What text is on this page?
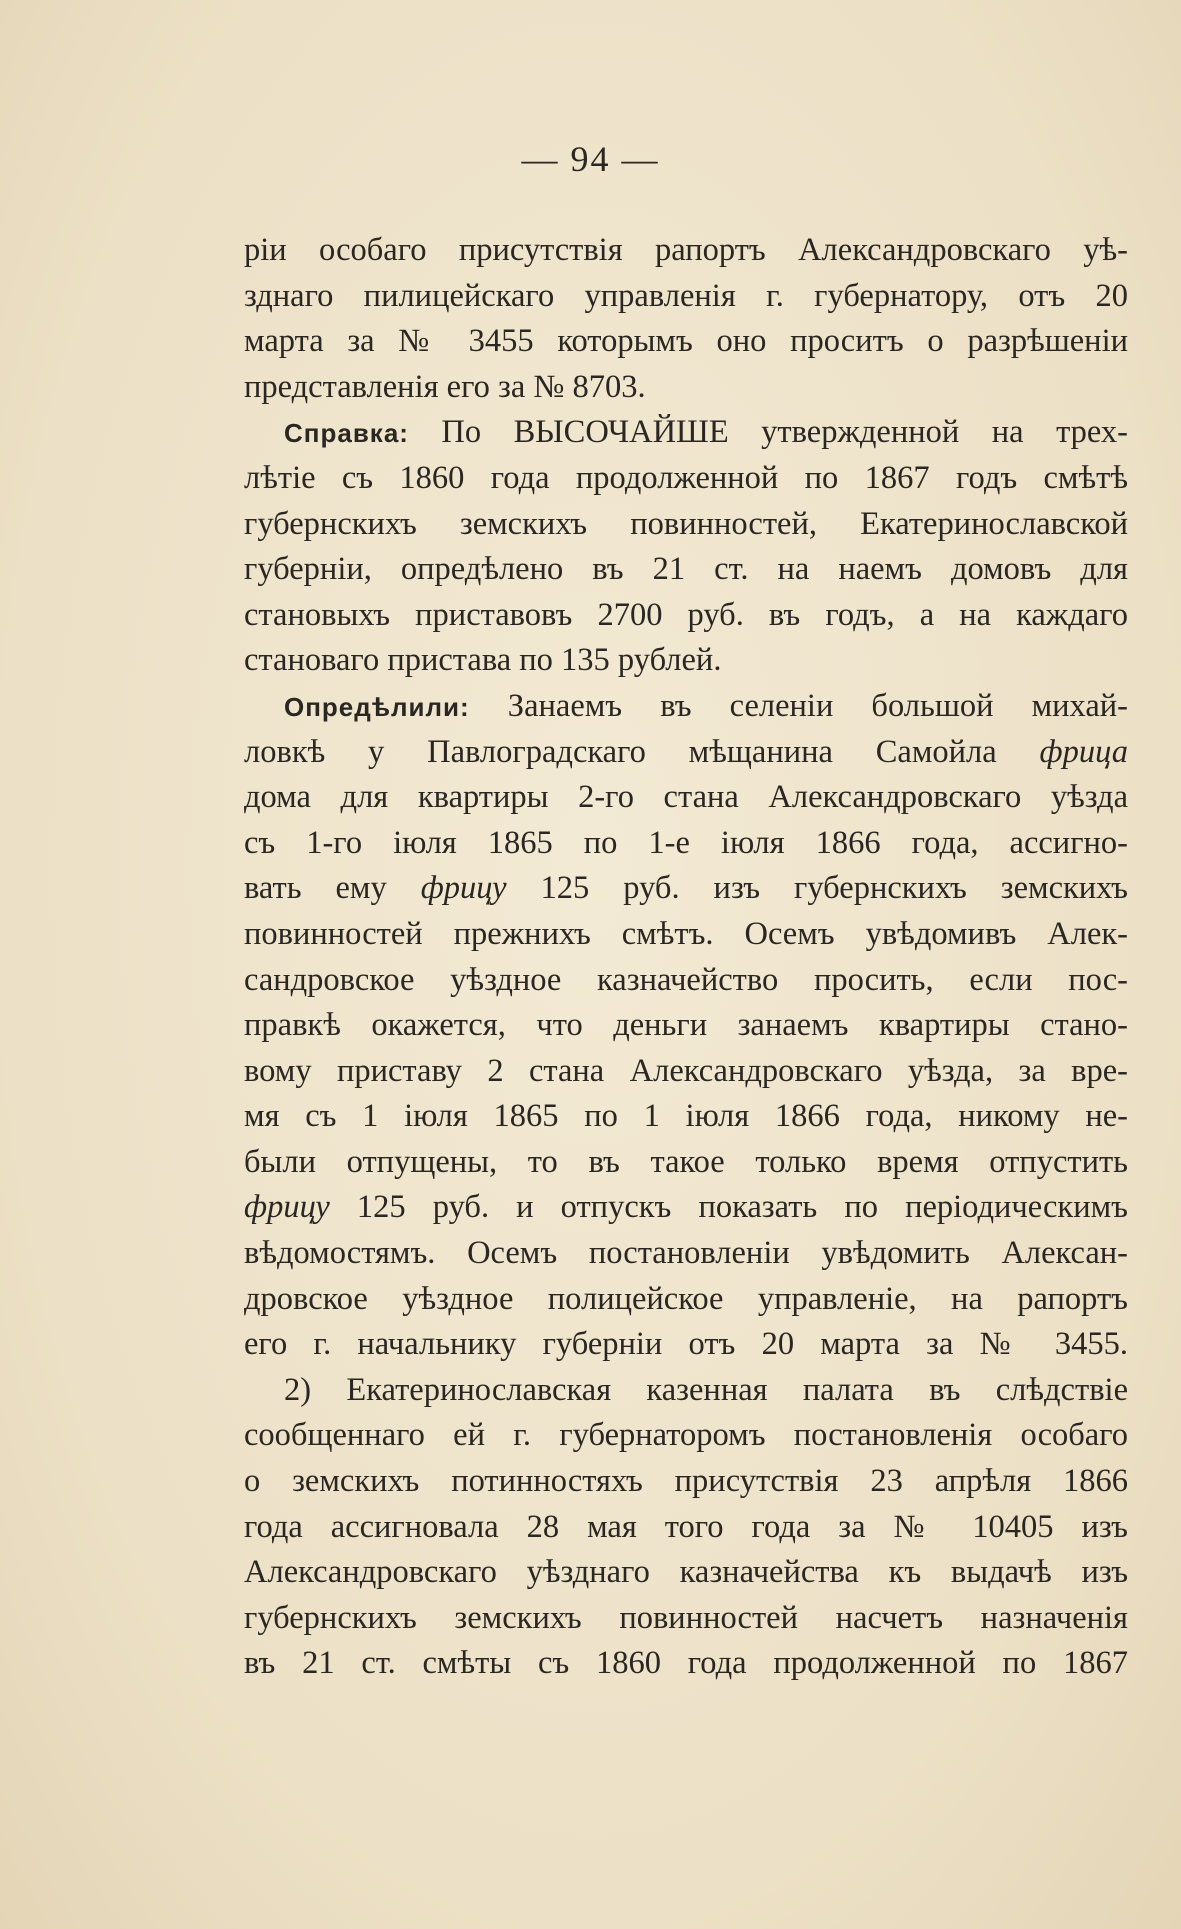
— 94 —
ріи особаго присутствія рапортъ Александровскаго уѣ-
зднаго пилицейскаго управленія г. губернатору, отъ 20
марта за № 3455 которымъ оно проситъ о разрѣшеніи
представленія его за № 8703.
Справка: По ВЫСОЧАЙШЕ утвержденной на трех-
лѣтіе съ 1860 года продолженной по 1867 годъ смѣтѣ
губернскихъ земскихъ повинностей, Екатеринославской
губерніи, опредѣлено въ 21 ст. на наемъ домовъ для
становыхъ приставовъ 2700 руб. въ годъ, а на каждаго
становаго пристава по 135 рублей.
Опредѣлили: Занаемъ въ селеніи большой михай-
ловкѣ у Павлоградскаго мѣщанина Самойла фрица
дома для квартиры 2-го стана Александровскаго уѣзда
съ 1-го іюля 1865 по 1-е іюля 1866 года, ассигно-
вать ему фрицу 125 руб. изъ губернскихъ земскихъ
повинностей прежнихъ смѣтъ. Осемъ увѣдомивъ Алек-
сандровское уѣздное казначейство просить, если пос-
правкѣ окажется, что деньги занаемъ квартиры стано-
вому приставу 2 стана Александровскаго уѣзда, за вре-
мя съ 1 іюля 1865 по 1 іюля 1866 года, никому не-
были отпущены, то въ такое только время отпустить
фрицу 125 руб. и отпускъ показать по періодическимъ
вѣдомостямъ. Осемъ постановленіи увѣдомить Алексан-
дровское уѣздное полицейское управленіе, на рапортъ
его г. начальнику губерніи отъ 20 марта за № 3455.
2) Екатеринославская казенная палата въ слѣдствіе
сообщеннаго ей г. губернаторомъ постановленія особаго
о земскихъ потинностяхъ присутствія 23 апрѣля 1866
года ассигновала 28 мая того года за № 10405 изъ
Александровскаго уѣзднаго казначейства къ выдачѣ изъ
губернскихъ земскихъ повинностей насчетъ назначенія
въ 21 ст. смѣты съ 1860 года продолженной по 1867
